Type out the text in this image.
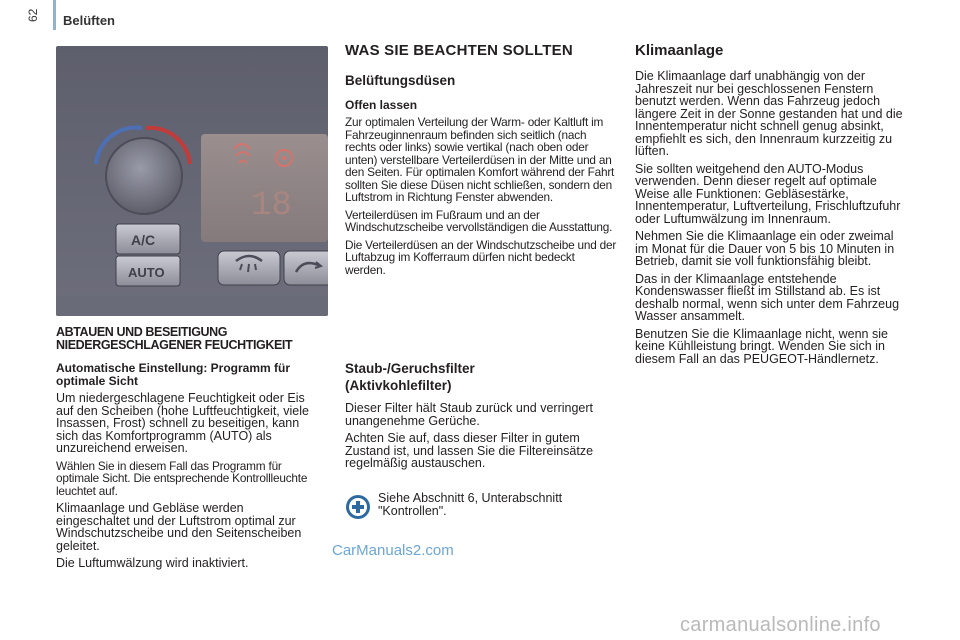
62 Belüften
18
A/C
AUTO
ABTAUEN UND BESEITIGUNG NIEDERGESCHLAGENER FEUCHTIGKEIT
Automatische Einstellung: Programm für optimale Sicht

Um niedergeschlagene Feuchtigkeit oder Eis auf den Scheiben (hohe Luftfeuchtigkeit, viele Insassen, Frost) schnell zu beseitigen, kann sich das Komfortprogramm (AUTO) als unzureichend erweisen.

Wählen Sie in diesem Fall das Programm für optimale Sicht. Die entsprechende Kontrollleuchte leuchtet auf.

Klimaanlage und Gebläse werden eingeschaltet und der Luftstrom optimal zur Windschutzscheibe und den Seitenscheiben geleitet.

Die Luftumwälzung wird inaktiviert.

WAS SIE BEACHTEN SOLLTEN
Belüftungsdüsen
Offen lassen

Zur optimalen Verteilung der Warm- oder Kaltluft im Fahrzeuginnenraum befinden sich seitlich (nach rechts oder links) sowie vertikal (nach oben oder unten) verstellbare Verteilerdüsen in der Mitte und an den Seiten. Für optimalen Komfort während der Fahrt sollten Sie diese Düsen nicht schließen, sondern den Luftstrom in Richtung Fenster abwenden.

Verteilerdüsen im Fußraum und an der Windschutzscheibe vervollständigen die Ausstattung.

Die Verteilerdüsen an der Windschutzscheibe und der Luftabzug im Kofferraum dürfen nicht bedeckt werden.

Staub-/Geruchsfilter (Aktivkohlefilter)

Dieser Filter hält Staub zurück und verringert unangenehme Gerüche.

Achten Sie auf, dass dieser Filter in gutem Zustand ist, und lassen Sie die Filtereinsätze regelmäßig austauschen.

Siehe Abschnitt 6, Unterabschnitt "Kontrollen".
Klimaanlage

Die Klimaanlage darf unabhängig von der Jahreszeit nur bei geschlossenen Fenstern benutzt werden. Wenn das Fahrzeug jedoch längere Zeit in der Sonne gestanden hat und die Innentemperatur nicht schnell genug absinkt, empfiehlt es sich, den Innenraum kurzzeitig zu lüften.

Sie sollten weitgehend den AUTO-Modus verwenden. Denn dieser regelt auf optimale Weise alle Funktionen: Gebläsestärke, Innentemperatur, Luftverteilung, Frischluftzufuhr oder Luftumwälzung im Innenraum.

Nehmen Sie die Klimaanlage ein oder zweimal im Monat für die Dauer von 5 bis 10 Minuten in Betrieb, damit sie voll funktionsfähig bleibt.

Das in der Klimaanlage entstehende Kondenswasser fließt im Stillstand ab. Es ist deshalb normal, wenn sich unter dem Fahrzeug Wasser ansammelt.

Benutzen Sie die Klimaanlage nicht, wenn sie keine Kühlleistung bringt. Wenden Sie sich in diesem Fall an das PEUGEOT-Händlernetz.

CarManuals2.com
carmanualsonline.info
